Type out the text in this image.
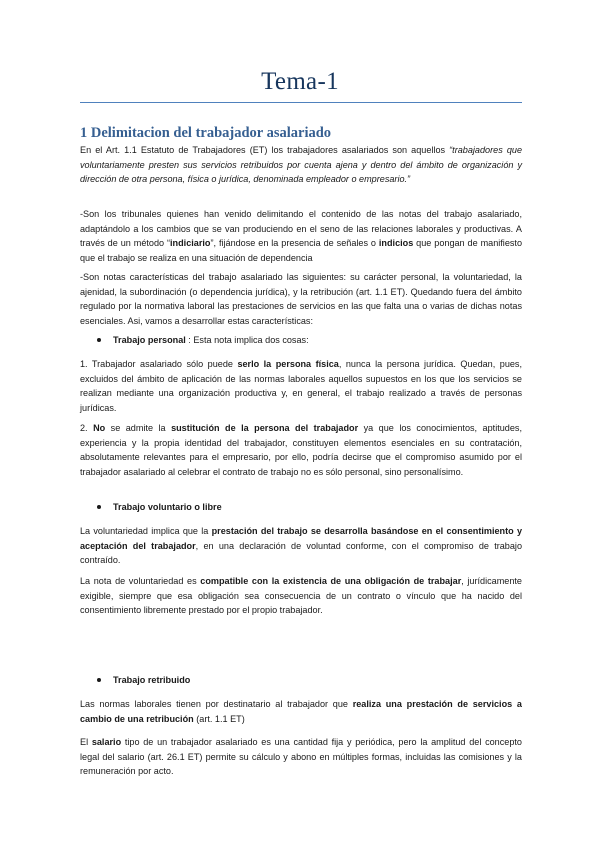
Tema-1
1 Delimitacion del trabajador asalariado

En el Art. 1.1 Estatuto de Trabajadores (ET) los trabajadores asalariados son aquellos “trabajadores que voluntariamente presten sus servicios retribuidos por cuenta ajena y dentro del ámbito de organización y dirección de otra persona, física o jurídica, denominada empleador o empresario.”

-Son los tribunales quienes han venido delimitando el contenido de las notas del trabajo asalariado, adaptándolo a los cambios que se van produciendo en el seno de las relaciones laborales y productivas. A través de un método “indiciario”, fijándose en la presencia de señales o indicios que pongan de manifiesto que el trabajo se realiza en una situación de dependencia

-Son notas características del trabajo asalariado las siguientes: su carácter personal, la voluntariedad, la ajenidad, la subordinación (o dependencia jurídica), y la retribución (art. 1.1 ET). Quedando fuera del ámbito regulado por la normativa laboral las prestaciones de servicios en las que falta una o varias de dichas notas esenciales. Asi, vamos a desarrollar estas características:

Trabajo personal : Esta nota implica dos cosas:

1. Trabajador asalariado sólo puede serlo la persona física, nunca la persona jurídica. Quedan, pues, excluidos del ámbito de aplicación de las normas laborales aquellos supuestos en los que los servicios se realizan mediante una organización productiva y, en general, el trabajo realizado a través de personas jurídicas.

2. No se admite la sustitución de la persona del trabajador ya que los conocimientos, aptitudes, experiencia y la propia identidad del trabajador, constituyen elementos esenciales en su contratación, absolutamente relevantes para el empresario, por ello, podría decirse que el compromiso asumido por el trabajador asalariado al celebrar el contrato de trabajo no es sólo personal, sino personalísimo.

Trabajo voluntario o libre

La voluntariedad implica que la prestación del trabajo se desarrolla basándose en el consentimiento y aceptación del trabajador, en una declaración de voluntad conforme, con el compromiso de trabajo contraído.

La nota de voluntariedad es compatible con la existencia de una obligación de trabajar, jurídicamente exigible, siempre que esa obligación sea consecuencia de un contrato o vínculo que ha nacido del consentimiento libremente prestado por el propio trabajador.

Trabajo retribuido

Las normas laborales tienen por destinatario al trabajador que realiza una prestación de servicios a cambio de una retribución (art. 1.1 ET)

El salario tipo de un trabajador asalariado es una cantidad fija y periódica, pero la amplitud del concepto legal del salario (art. 26.1 ET) permite su cálculo y abono en múltiples formas, incluidas las comisiones y la remuneración por acto.
